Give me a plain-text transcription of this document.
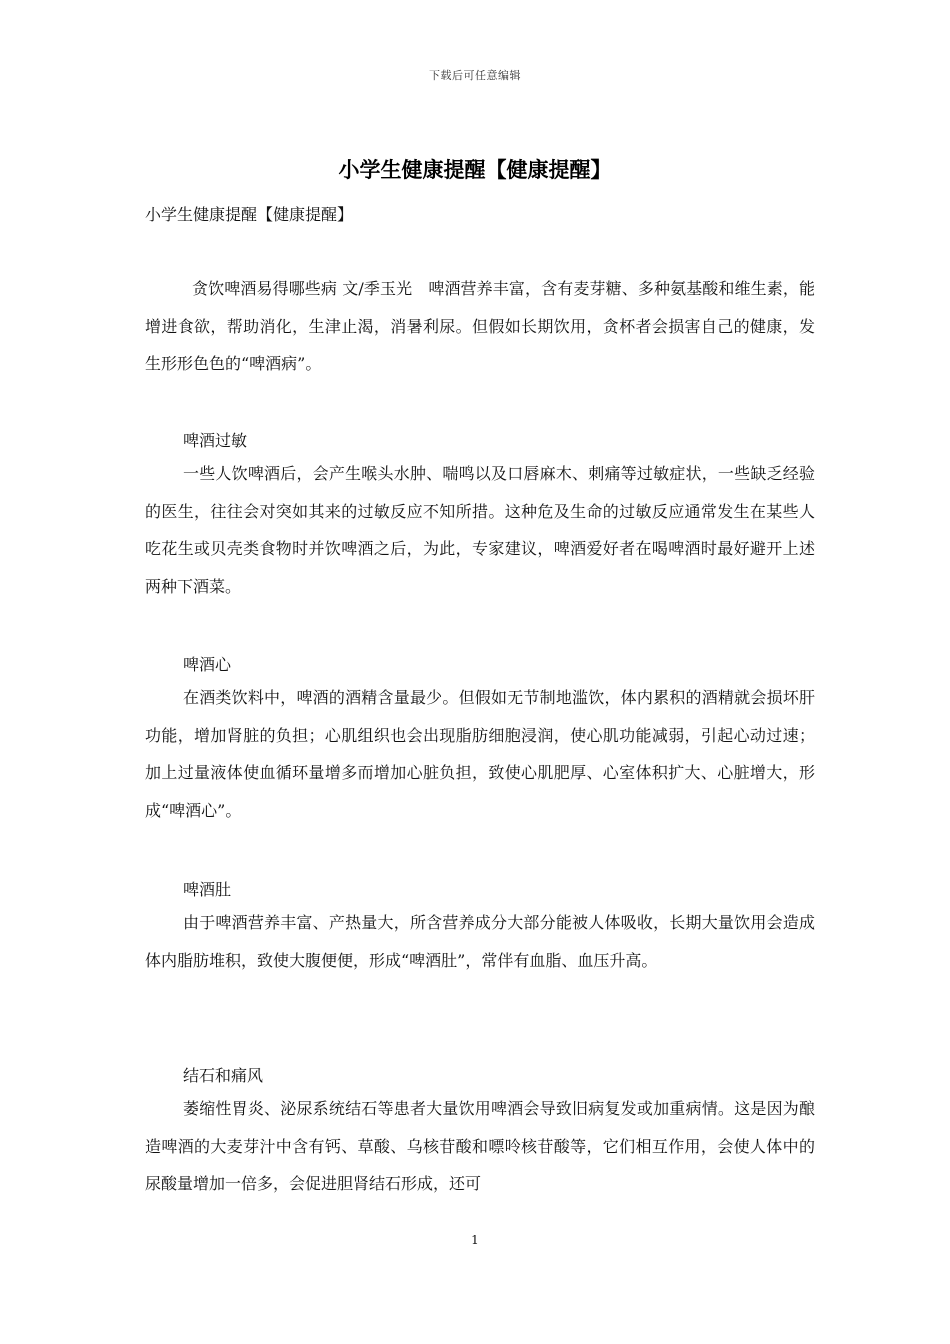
下载后可任意编辑
小学生健康提醒【健康提醒】

小学生健康提醒【健康提醒】

贪饮啤酒易得哪些病 文/季玉光　啤酒营养丰富，含有麦芽糖、多种氨基酸和维生素，能增进食欲，帮助消化，生津止渴，消暑利尿。但假如长期饮用，贪杯者会损害自己的健康，发生形形色色的“啤酒病”。

啤酒过敏

一些人饮啤酒后，会产生喉头水肿、喘鸣以及口唇麻木、刺痛等过敏症状，一些缺乏经验的医生，往往会对突如其来的过敏反应不知所措。这种危及生命的过敏反应通常发生在某些人吃花生或贝壳类食物时并饮啤酒之后，为此，专家建议，啤酒爱好者在喝啤酒时最好避开上述两种下酒菜。

啤酒心

在酒类饮料中，啤酒的酒精含量最少。但假如无节制地滥饮，体内累积的酒精就会损坏肝功能，增加肾脏的负担；心肌组织也会出现脂肪细胞浸润，使心肌功能减弱，引起心动过速；加上过量液体使血循环量增多而增加心脏负担，致使心肌肥厚、心室体积扩大、心脏增大，形成“啤酒心”。

啤酒肚

由于啤酒营养丰富、产热量大，所含营养成分大部分能被人体吸收，长期大量饮用会造成体内脂肪堆积，致使大腹便便，形成“啤酒肚”，常伴有血脂、血压升高。

结石和痛风

萎缩性胃炎、泌尿系统结石等患者大量饮用啤酒会导致旧病复发或加重病情。这是因为酿造啤酒的大麦芽汁中含有钙、草酸、乌核苷酸和嘌呤核苷酸等，它们相互作用，会使人体中的尿酸量增加一倍多，会促进胆肾结石形成，还可

1
